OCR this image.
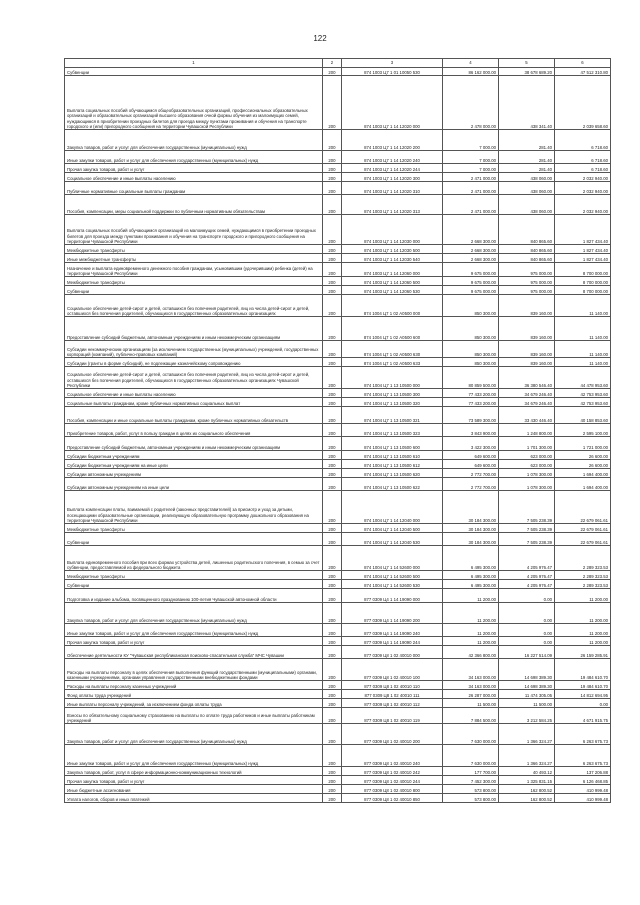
122
1	2	3	4	5	6
Субвенции	200	874 1003 Ц7 1 01 10050 530	86 162 000.00	38 678 689.20	47 512 310.80
Выплата социальных пособий обучающимся общеобразовательных организаций, профессиональных образовательных организаций и образовательных организаций высшего образования очной формы обучения из малоимущих семей, нуждающимся в приобретении проездных билетов для проезда между пунктами проживания и обучения на транспорте городского и (или) пригородного сообщения на территории Чувашской Республики	200	874 1003 Ц7 1 14 12020 000	2 478 000.00	438 341.40	2 039 658.60
Закупка товаров, работ и услуг для обеспечения государственных (муниципальных) нужд	200	874 1003 Ц7 1 14 12020 200	7 000.00	281.40	6 718.60
Иные закупки товаров, работ и услуг для обеспечения государственных (муниципальных) нужд	200	874 1003 Ц7 1 14 12020 240	7 000.00	281.40	6 718.60
Прочая закупка товаров, работ и услуг	200	874 1003 Ц7 1 14 12020 244	7 000.00	281.40	6 718.60
Социальное обеспечение и иные выплаты населению	200	874 1003 Ц7 1 14 12020 300	2 471 000.00	438 060.00	2 032 940.00
Публичные нормативные социальные выплаты гражданам	200	874 1003 Ц7 1 14 12020 310	2 471 000.00	438 060.00	2 032 940.00
Пособия, компенсации, меры социальной поддержки по публичным нормативным обязательствам	200	874 1003 Ц7 1 14 12020 313	2 471 000.00	438 060.00	2 032 940.00
Выплата социальных пособий обучающимся организаций из малоимущих семей, нуждающимся в приобретении проездных билетов для проезда между пунктами проживания и обучения на транспорте городского и пригородного сообщения на территории Чувашской Республики	200	874 1003 Ц7 1 14 12030 000	2 668 300.00	840 865.60	1 827 434.40
Межбюджетные трансферты	200	874 1003 Ц7 1 14 12030 500	2 668 300.00	840 865.60	1 827 434.40
Иные межбюджетные трансферты	200	874 1003 Ц7 1 14 12030 540	2 668 300.00	840 865.60	1 827 434.40
Назначение и выплата единовременного денежного пособия гражданам, усыновившим (удочерившим) ребенка (детей) на территории Чувашской Республики	200	874 1003 Ц7 1 14 12060 000	9 675 000.00	975 000.00	8 700 000.00
Межбюджетные трансферты	200	874 1003 Ц7 1 14 12060 500	9 675 000.00	975 000.00	8 700 000.00
Субвенции	200	874 1003 Ц7 1 14 12060 530	9 675 000.00	975 000.00	8 700 000.00
Социальное обеспечение детей-сирот и детей, оставшихся без попечения родителей, лиц из числа детей-сирот и детей, оставшихся без попечения родителей, обучающихся в государственных образовательных организациях	200	874 1004 Ц7 1 02 А0500 000	850 300.00	839 160.00	11 140.00
Предоставление субсидий бюджетным, автономным учреждениям и иным некоммерческим организациям	200	874 1004 Ц7 1 02 А0500 600	850 300.00	839 160.00	11 140.00
Субсидии некоммерческим организациям (за исключением государственных (муниципальных) учреждений, государственных корпораций (компаний), публично-правовых компаний)	200	874 1004 Ц7 1 02 А0500 630	850 300.00	839 160.00	11 140.00
Субсидии (гранты в форме субсидий), не подлежащие казначейскому сопровождению	200	874 1004 Ц7 1 02 А0500 633	850 300.00	839 160.00	11 140.00
Социальное обеспечение детей-сирот и детей, оставшихся без попечения родителей, лиц из числа детей-сирот и детей, оставшихся без попечения родителей, обучающихся в государственных образовательных организациях Чувашской Республики	200	874 1004 Ц7 1 13 10500 000	80 859 500.00	36 380 546.40	44 478 953.60
Социальное обеспечение и иные выплаты населению	200	874 1004 Ц7 1 13 10500 300	77 433 200.00	34 679 246.40	42 753 953.60
Социальные выплаты гражданам, кроме публичных нормативных социальных выплат	200	874 1004 Ц7 1 13 10500 320	77 433 200.00	34 679 246.40	42 753 953.60
Пособия, компенсации и иные социальные выплаты гражданам, кроме публичных нормативных обязательств	200	874 1004 Ц7 1 13 10500 321	73 589 300.00	33 430 446.40	40 158 853.60
Приобретение товаров, работ, услуг в пользу граждан в целях их социального обеспечения	200	874 1004 Ц7 1 13 10500 323	3 843 900.00	1 248 800.00	2 595 100.00
Предоставление субсидий бюджетным, автономным учреждениям и иным некоммерческим организациям	200	874 1004 Ц7 1 13 10500 600	3 422 300.00	1 701 300.00	1 721 000.00
Субсидии бюджетным учреждениям	200	874 1004 Ц7 1 13 10500 610	649 600.00	623 000.00	26 600.00
Субсидии бюджетным учреждениям на иные цели	200	874 1004 Ц7 1 13 10500 612	649 600.00	623 000.00	26 600.00
Субсидии автономным учреждениям	200	874 1004 Ц7 1 13 10500 620	2 772 700.00	1 078 300.00	1 694 400.00
Субсидии автономным учреждениям на иные цели	200	874 1004 Ц7 1 13 10500 622	2 772 700.00	1 078 300.00	1 694 400.00
Выплата компенсации платы, взимаемой с родителей (законных представителей) за присмотр и уход за детьми, посещающими образовательные организации, реализующую образовательную программу дошкольного образования на территории Чувашской Республики	200	874 1004 Ц7 1 14 12040 000	30 184 300.00	7 505 238.39	22 679 061.61
Межбюджетные трансферты	200	874 1004 Ц7 1 14 12040 500	30 184 300.00	7 505 238.39	22 679 061.61
Субвенции	200	874 1004 Ц7 1 14 12040 530	30 184 300.00	7 505 238.39	22 679 061.61
Выплата единовременного пособия при всех формах устройства детей, лишенных родительского попечения, в семью за счет субвенции, предоставляемой из федерального бюджета	200	874 1004 Ц7 1 14 52600 000	6 495 300.00	4 205 976.47	2 289 323.53
Межбюджетные трансферты	200	874 1004 Ц7 1 14 52600 500	6 495 300.00	4 205 976.47	2 289 323.53
Субвенции	200	874 1004 Ц7 1 14 52600 530	6 495 300.00	4 205 976.47	2 289 323.53
Подготовка и издание альбома, посвященного празднованию 100-летия Чувашской автономной области	200	877 0309 Ц4 1 14 19090 000	11 200.00	0.00	11 200.00
Закупка товаров, работ и услуг для обеспечения государственных (муниципальных) нужд	200	877 0309 Ц4 1 14 19090 200	11 200.00	0.00	11 200.00
Иные закупки товаров, работ и услуг для обеспечения государственных (муниципальных) нужд	200	877 0309 Ц4 1 14 19090 240	11 200.00	0.00	11 200.00
Прочая закупка товаров, работ и услуг	200	877 0309 Ц4 1 14 19090 244	11 200.00	0.00	11 200.00
Обеспечение деятельности КУ "Чувашская республиканская поисково-спасательная служба" МЧС Чувашии	200	877 0309 Ц8 1 02 40010 000	42 366 800.00	16 227 514.09	26 159 285.91
Расходы на выплаты персоналу в целях обеспечения выполнения функций государственными (муниципальными) органами, казенными учреждениями, органами управления государственными внебюджетными фондами	200	877 0309 Ц8 1 02 40010 100	34 163 000.00	14 698 389.30	19 484 610.70
Расходы на выплаты персоналу казенных учреждений	200	877 0309 Ц8 1 02 40010 110	34 163 000.00	14 698 389.30	19 484 610.70
Фонд оплаты труда учреждений	200	877 0309 Ц8 1 02 40010 111	26 287 000.00	11 474 305.05	14 812 694.95
Иные выплаты персоналу учреждений, за исключением фонда оплаты труда	200	877 0309 Ц8 1 02 40010 112	11 500.00	11 500.00	0.00
Взносы по обязательному социальному страхованию на выплаты по оплате труда работников и иные выплаты работникам учреждений	200	877 0309 Ц8 1 02 40010 119	7 884 500.00	3 212 584.25	4 671 915.75
Закупка товаров, работ и услуг для обеспечения государственных (муниципальных) нужд	200	877 0309 Ц8 1 02 40010 200	7 630 000.00	1 366 324.27	6 263 675.73
Иные закупки товаров, работ и услуг для обеспечения государственных (муниципальных) нужд	200	877 0309 Ц8 1 02 40010 240	7 630 000.00	1 366 324.27	6 263 675.73
Закупка товаров, работ, услуг в сфере информационно-коммуникационных технологий	200	877 0309 Ц8 1 02 40010 242	177 700.00	40 493.12	137 206.88
Прочая закупка товаров, работ и услуг	200	877 0309 Ц8 1 02 40010 244	7 452 300.00	1 325 831.15	6 126 468.85
Иные бюджетные ассигнования	200	877 0309 Ц8 1 02 40010 800	573 800.00	162 800.52	410 999.48
Уплата налогов, сборов и иных платежей	200	877 0309 Ц8 1 02 40010 850	573 800.00	162 800.52	410 999.48
